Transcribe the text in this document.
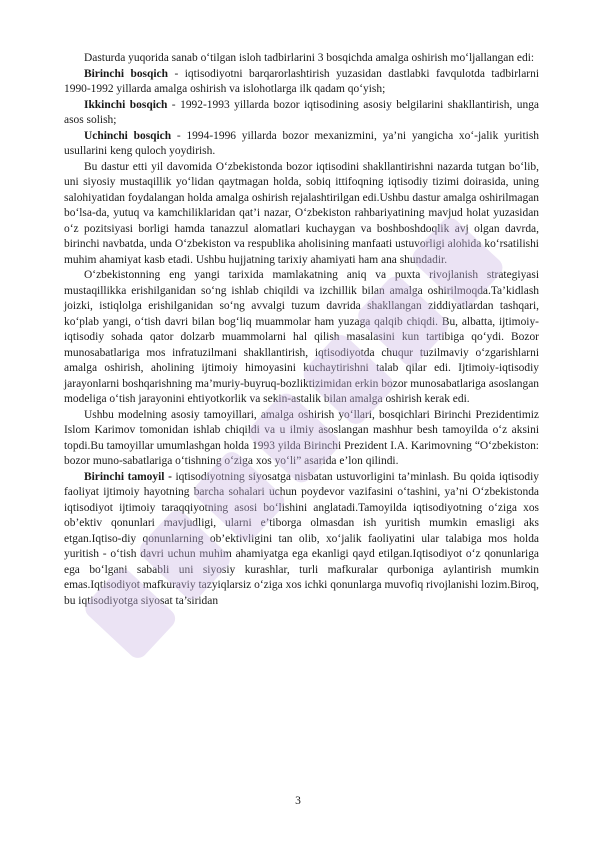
Dasturda yuqorida sanab o‘tilgan isloh tadbirlarini 3 bosqichda amalga oshirish mo‘ljallangan edi:

Birinchi bosqich - iqtisodiyotni barqarorlashtirish yuzasidan dastlabki favqulotda tadbirlarni 1990-1992 yillarda amalga oshirish va islohotlarga ilk qadam qo‘yish;

Ikkinchi bosqich - 1992-1993 yillarda bozor iqtisodining asosiy belgilarini shakllantirish, unga asos solish;

Uchinchi bosqich - 1994-1996 yillarda bozor mexanizmini, ya’ni yangicha xo‘-jalik yuritish usullarini keng quloch yoydirish.

Bu dastur etti yil davomida O‘zbekistonda bozor iqtisodini shakllantirishni nazarda tutgan bo‘lib, uni siyosiy mustaqillik yo‘lidan qaytmagan holda, sobiq ittifoqning iqtisodiy tizimi doirasida, uning salohiyatidan foydalangan holda amalga oshirish rejalashtirilgan edi.Ushbu dastur amalga oshirilmagan bo‘lsa-da, yutuq va kamchiliklaridan qat’i nazar, O‘zbekiston rahbariyatining mavjud holat yuzasidan o‘z pozitsiyasi borligi hamda tanazzul alomatlari kuchaygan va boshboshdoqlik avj olgan davrda, birinchi navbatda, unda O‘zbekiston va respublika aholisining manfaati ustuvorligi alohida ko‘rsatilishi muhim ahamiyat kasb etadi. Ushbu hujjatning tarixiy ahamiyati ham ana shundadir.

O‘zbekistonning eng yangi tarixida mamlakatning aniq va puxta rivojlanish strategiyasi mustaqillikka erishilganidan so‘ng ishlab chiqildi va izchillik bilan amalga oshirilmoqda.Ta’kidlash joizki, istiqlolga erishilganidan so‘ng avvalgi tuzum davrida shakllangan ziddiyatlardan tashqari, ko‘plab yangi, o‘tish davri bilan bog‘liq muammolar ham yuzaga qalqib chiqdi. Bu, albatta, ijtimoiy-iqtisodiy sohada qator dolzarb muammolarni hal qilish masalasini kun tartibiga qo‘ydi. Bozor munosabatlariga mos infratuzilmani shakllantirish, iqtisodiyotda chuqur tuzilmaviy o‘zgarishlarni amalga oshirish, aholining ijtimoiy himoyasini kuchaytirishni talab qilar edi. Ijtimoiy-iqtisodiy jarayonlarni boshqarishning ma’muriy-buyruq-bozliktizimidan erkin bozor munosabatlariga asoslangan modeliga o‘tish jarayonini ehtiyotkorlik va sekin-astalik bilan amalga oshirish kerak edi.

Ushbu modelning asosiy tamoyillari, amalga oshirish yo‘llari, bosqichlari Birinchi Prezidentimiz Islom Karimov tomonidan ishlab chiqildi va u ilmiy asoslangan mashhur besh tamoyilda o‘z aksini topdi.Bu tamoyillar umumlashgan holda 1993 yilda Birinchi Prezident I.A. Karimovning “O‘zbekiston: bozor muno-sabatlariga o‘tishning o‘ziga xos yo‘li” asarida e’lon qilindi.

Birinchi tamoyil - iqtisodiyotning siyosatga nisbatan ustuvorligini ta’minlash. Bu qoida iqtisodiy faoliyat ijtimoiy hayotning barcha sohalari uchun poydevor vazifasini o‘tashini, ya’ni O‘zbekistonda iqtisodiyot ijtimoiy taraqqiyotning asosi bo‘lishini anglatadi.Tamoyilda iqtisodiyotning o‘ziga xos ob’ektiv qonunlari mavjudligi, ularni e’tiborga olmasdan ish yuritish mumkin emasligi aks etgan.Iqtiso-diy qonunlarning ob’ektivligini tan olib, xo‘jalik faoliyatini ular talabiga mos holda yuritish - o‘tish davri uchun muhim ahamiyatga ega ekanligi qayd etilgan.Iqtisodiyot o‘z qonunlariga ega bo‘lgani sababli uni siyosiy kurashlar, turli mafkuralar qurboniga aylantirish mumkin emas.Iqtisodiyot mafkuraviy tazyiqlarsiz o‘ziga xos ichki qonunlarga muvofiq rivojlanishi lozim.Biroq, bu iqtisodiyotga siyosat ta’siridan

3
